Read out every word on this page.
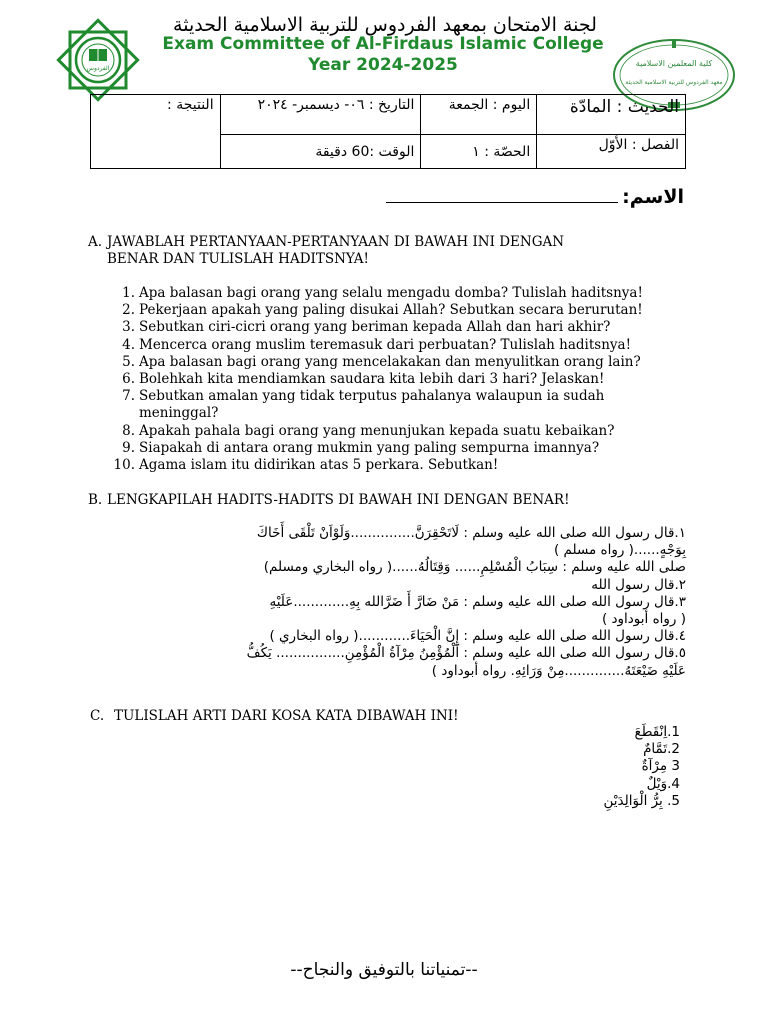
الفردوس
لجنة الامتحان بمعهد الفردوس للتربية الاسلامية الحديثة
Exam Committee of Al-Firdaus Islamic College
Year 2024-2025	كلية المعلمين الاسلامية
معهد الفردوس للتربية الاسلامية الحديثة
الحديث : المادّة	اليوم : الجمعة	التاريخ : ٠٦- ديسمبر- ٢٠٢٤	النتيجة :
الفصل : الأوّل	الحصّة : ١	الوقت :60 دقيقة	
الاسم:
A. JAWABLAH PERTANYAAN-PERTANYAAN DI BAWAH INI DENGAN
BENAR DAN TULISLAH HADITSNYA!
1. Apa balasan bagi orang yang selalu mengadu domba? Tulislah haditsnya!
2. Pekerjaan apakah yang paling disukai Allah? Sebutkan secara berurutan!
3. Sebutkan ciri-cicri orang yang beriman kepada Allah dan hari akhir?
4. Mencerca orang muslim teremasuk dari perbuatan? Tulislah haditsnya!
5. Apa balasan bagi orang yang mencelakakan dan menyulitkan orang lain?
6. Bolehkah kita mendiamkan saudara kita lebih dari 3 hari? Jelaskan!
7. Sebutkan amalan yang tidak terputus pahalanya walaupun ia sudah meninggal?
8. Apakah pahala bagi orang yang menunjukan kepada suatu kebaikan?
9. Siapakah di antara orang mukmin yang paling sempurna imannya?
10. Agama islam itu didirikan atas 5 perkara. Sebutkan!
B. LENGKAPILAH HADITS-HADITS DI BAWAH INI DENGAN BENAR!

١.قال رسول الله صلى الله عليه وسلم : لَاتَحْقِرَنَّ...............وَلَوْاَنْ تَلْقَى أَخَاكَ

بِوَجْهٍ......( رواه مسلم )

صلى الله عليه وسلم : سِبَابُ الْمُسْلِمِ...... وَقِتَالُهُ......( رواه البخاري ومسلم)

٢.قال رسول الله

٣.قال رسول الله صلى الله عليه وسلم : مَنْ ضَارَّ أَ ضَرَّالله بِهِ.............عَلَيْهِ

( رواه أبوداود )

٤.قال رسول الله صلى الله عليه وسلم : إِنَّ الْحَيَاءَ............( رواه البخاري )

٥.قال رسول الله صلى الله عليه وسلم : اَلْمُؤْمِنُ مِرْآةُ الْمُؤْمِنِ................ يَكُفُّ

عَلَيْهِ ضَيْعَتَهُ..............مِنْ وَرَائِهِ. رواه أبوداود )

C. TULISLAH ARTI DARI KOSA KATA DIBAWAH INI!

1.اِنْقَطَعَ

2.تَمَّامٌ

3 مِرْآةٌ

4.وَيْلٌ

5. بِرُّ الْوَالِدَيْنِ

--تمنياتنا بالتوفيق والنجاح--
